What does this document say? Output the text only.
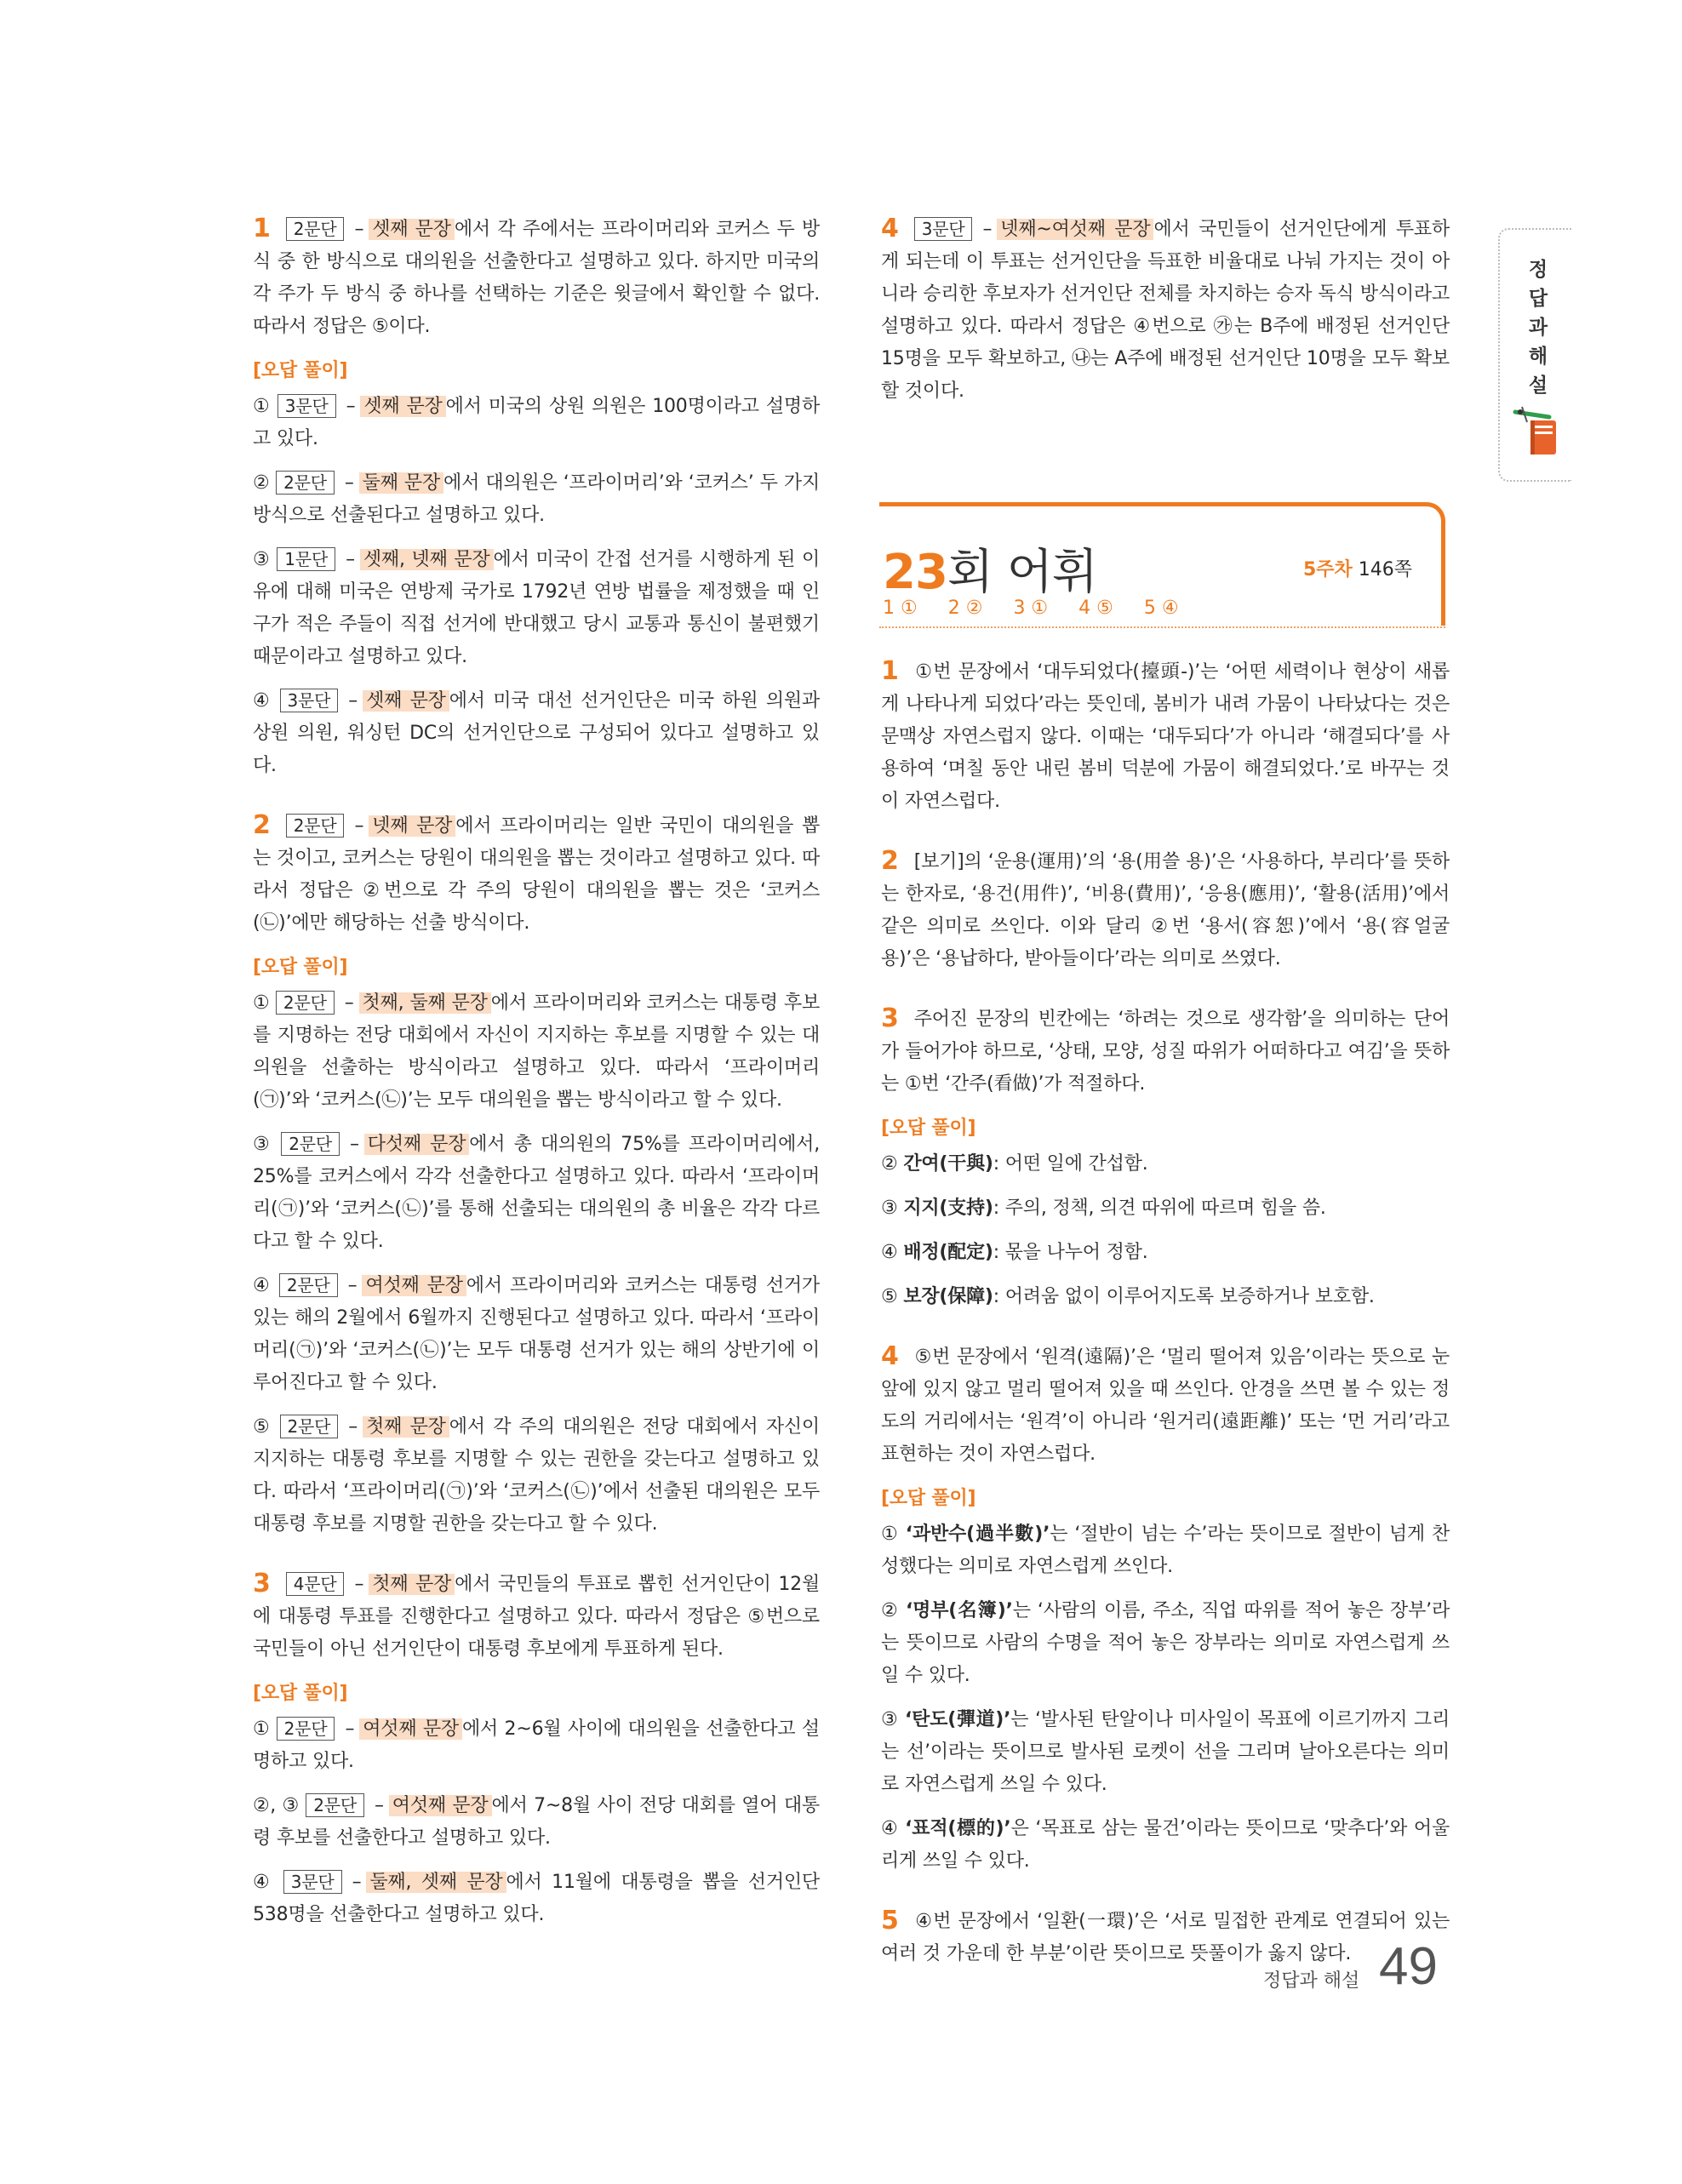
1 2문단 – 셋째 문장 에서 각 주에서는 프라이머리와 코커스 두 방식 중 한 방식으로 대의원을 선출한다고 설명하고 있다. 하지만 미국의 각 주가 두 방식 중 하나를 선택하는 기준은 윗글에서 확인할 수 없다. 따라서 정답은 ⑤이다.

[오답 풀이]

① 3문단 – 셋째 문장 에서 미국의 상원 의원은 100명이라고 설명하고 있다.

② 2문단 – 둘째 문장 에서 대의원은 ‘프라이머리’와 ‘코커스’ 두 가지 방식으로 선출된다고 설명하고 있다.

③ 1문단 – 셋째, 넷째 문장 에서 미국이 간접 선거를 시행하게 된 이유에 대해 미국은 연방제 국가로 1792년 연방 법률을 제정했을 때 인구가 적은 주들이 직접 선거에 반대했고 당시 교통과 통신이 불편했기 때문이라고 설명하고 있다.

④ 3문단 – 셋째 문장 에서 미국 대선 선거인단은 미국 하원 의원과 상원 의원, 워싱턴 DC의 선거인단으로 구성되어 있다고 설명하고 있다.

2 2문단 – 넷째 문장 에서 프라이머리는 일반 국민이 대의원을 뽑는 것이고, 코커스는 당원이 대의원을 뽑는 것이라고 설명하고 있다. 따라서 정답은 ②번으로 각 주의 당원이 대의원을 뽑는 것은 ‘코커스(㉡)’에만 해당하는 선출 방식이다.

[오답 풀이]

① 2문단 – 첫째, 둘째 문장 에서 프라이머리와 코커스는 대통령 후보를 지명하는 전당 대회에서 자신이 지지하는 후보를 지명할 수 있는 대의원을 선출하는 방식이라고 설명하고 있다. 따라서 ‘프라이머리(㉠)’와 ‘코커스(㉡)’는 모두 대의원을 뽑는 방식이라고 할 수 있다.

③ 2문단 – 다섯째 문장 에서 총 대의원의 75%를 프라이머리에서, 25%를 코커스에서 각각 선출한다고 설명하고 있다. 따라서 ‘프라이머리(㉠)’와 ‘코커스(㉡)’를 통해 선출되는 대의원의 총 비율은 각각 다르다고 할 수 있다.

④ 2문단 – 여섯째 문장 에서 프라이머리와 코커스는 대통령 선거가 있는 해의 2월에서 6월까지 진행된다고 설명하고 있다. 따라서 ‘프라이머리(㉠)’와 ‘코커스(㉡)’는 모두 대통령 선거가 있는 해의 상반기에 이루어진다고 할 수 있다.

⑤ 2문단 – 첫째 문장 에서 각 주의 대의원은 전당 대회에서 자신이 지지하는 대통령 후보를 지명할 수 있는 권한을 갖는다고 설명하고 있다. 따라서 ‘프라이머리(㉠)’와 ‘코커스(㉡)’에서 선출된 대의원은 모두 대통령 후보를 지명할 권한을 갖는다고 할 수 있다.

3 4문단 – 첫째 문장 에서 국민들의 투표로 뽑힌 선거인단이 12월에 대통령 투표를 진행한다고 설명하고 있다. 따라서 정답은 ⑤번으로 국민들이 아닌 선거인단이 대통령 후보에게 투표하게 된다.

[오답 풀이]

① 2문단 – 여섯째 문장 에서 2~6월 사이에 대의원을 선출한다고 설명하고 있다.

②, ③ 2문단 – 여섯째 문장 에서 7~8월 사이 전당 대회를 열어 대통령 후보를 선출한다고 설명하고 있다.

④ 3문단 – 둘째, 셋째 문장 에서 11월에 대통령을 뽑을 선거인단 538명을 선출한다고 설명하고 있다.

4 3문단 – 넷째~여섯째 문장 에서 국민들이 선거인단에게 투표하게 되는데 이 투표는 선거인단을 득표한 비율대로 나눠 가지는 것이 아니라 승리한 후보자가 선거인단 전체를 차지하는 승자 독식 방식이라고 설명하고 있다. 따라서 정답은 ④번으로 ㉮는 B주에 배정된 선거인단 15명을 모두 확보하고, ㉯는 A주에 배정된 선거인단 10명을 모두 확보할 것이다.

23회 어휘	5주차 146쪽
1 ① 2 ② 3 ① 4 ⑤ 5 ④

1 ①번 문장에서 ‘대두되었다(擡頭-)’는 ‘어떤 세력이나 현상이 새롭게 나타나게 되었다’라는 뜻인데, 봄비가 내려 가뭄이 나타났다는 것은 문맥상 자연스럽지 않다. 이때는 ‘대두되다’가 아니라 ‘해결되다’를 사용하여 ‘며칠 동안 내린 봄비 덕분에 가뭄이 해결되었다.’로 바꾸는 것이 자연스럽다.

2 [보기]의 ‘운용(運用)’의 ‘용(用쓸 용)’은 ‘사용하다, 부리다’를 뜻하는 한자로, ‘용건(用件)’, ‘비용(費用)’, ‘응용(應用)’, ‘활용(活用)’에서 같은 의미로 쓰인다. 이와 달리 ②번 ‘용서(容恕)’에서 ‘용(容얼굴 용)’은 ‘용납하다, 받아들이다’라는 의미로 쓰였다.

3 주어진 문장의 빈칸에는 ‘하려는 것으로 생각함’을 의미하는 단어가 들어가야 하므로, ‘상태, 모양, 성질 따위가 어떠하다고 여김’을 뜻하는 ①번 ‘간주(看做)’가 적절하다.

[오답 풀이]

② 간여(干與): 어떤 일에 간섭함.

③ 지지(支持): 주의, 정책, 의견 따위에 따르며 힘을 씀.

④ 배정(配定): 몫을 나누어 정함.

⑤ 보장(保障): 어려움 없이 이루어지도록 보증하거나 보호함.

4 ⑤번 문장에서 ‘원격(遠隔)’은 ‘멀리 떨어져 있음’이라는 뜻으로 눈앞에 있지 않고 멀리 떨어져 있을 때 쓰인다. 안경을 쓰면 볼 수 있는 정도의 거리에서는 ‘원격’이 아니라 ‘원거리(遠距離)’ 또는 ‘먼 거리’라고 표현하는 것이 자연스럽다.

[오답 풀이]

① ‘과반수(過半數)’는 ‘절반이 넘는 수’라는 뜻이므로 절반이 넘게 찬성했다는 의미로 자연스럽게 쓰인다.

② ‘명부(名簿)’는 ‘사람의 이름, 주소, 직업 따위를 적어 놓은 장부’라는 뜻이므로 사람의 수명을 적어 놓은 장부라는 의미로 자연스럽게 쓰일 수 있다.

③ ‘탄도(彈道)’는 ‘발사된 탄알이나 미사일이 목표에 이르기까지 그리는 선’이라는 뜻이므로 발사된 로켓이 선을 그리며 날아오른다는 의미로 자연스럽게 쓰일 수 있다.

④ ‘표적(標的)’은 ‘목표로 삼는 물건’이라는 뜻이므로 ‘맞추다’와 어울리게 쓰일 수 있다.

5 ④번 문장에서 ‘일환(一環)’은 ‘서로 밀접한 관계로 연결되어 있는 여러 것 가운데 한 부분’이란 뜻이므로 뜻풀이가 옳지 않다.

정답과 해설
정답과 해설 49
